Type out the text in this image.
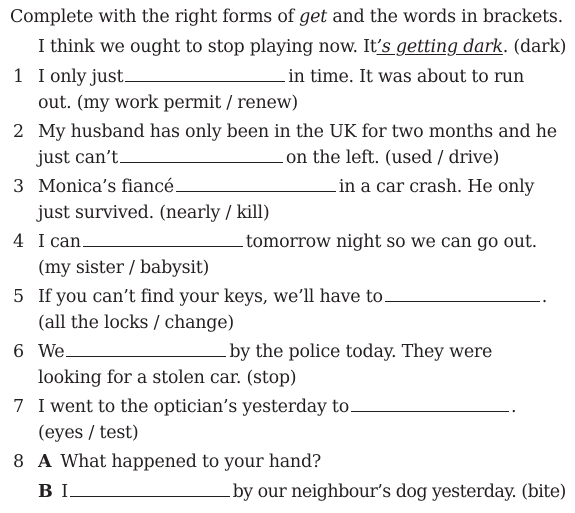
Complete with the right forms of get and the words in brackets.
I think we ought to stop playing now. It’s getting dark. (dark)
1 I only just	in time. It was about to run
out. (my work permit / renew)
2 My husband has only been in the UK for two months and he
just can’t	on the left. (used / drive)
3 Monica’s fiancé	in a car crash. He only
just survived. (nearly / kill)
4 I can	tomorrow night so we can go out.
(my sister / babysit)
5 If you can’t find your keys, we’ll have to	.
(all the locks / change)
6 We	by the police today. They were
looking for a stolen car. (stop)
7 I went to the optician’s yesterday to	.
(eyes / test)
8 A What happened to your hand?
B I	by our neighbour’s dog yesterday. (bite)
